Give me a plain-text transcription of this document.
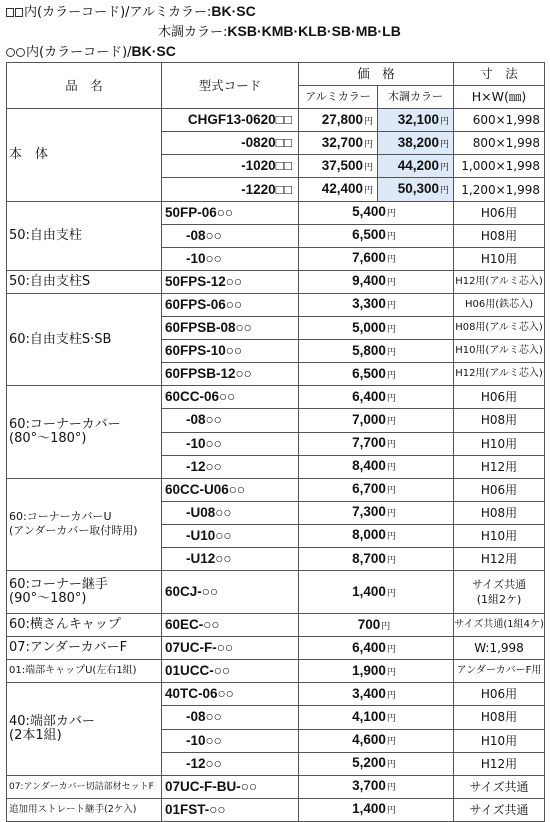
内(カラーコード)/アルミカラー:BK·SC
木調カラー:KSB·KMB·KLB·SB·MB·LB
内(カラーコード)/BK·SC
品　名	型式コード	価　格		寸　法
		アルミカラー	木調カラー	H×W(㎜)
本　体	CHGF13-0620□□	27,800円	32,100円	600×1,998
	-0820□□	32,700円	38,200円	800×1,998
	-1020□□	37,500円	44,200円	1,000×1,998
	-1220□□	42,400円	50,300円	1,200×1,998
50:自由支柱	50FP-06○○	5,400円		H06用
	-08○○	6,500円		H08用
	-10○○	7,600円		H10用
50:自由支柱S	50FPS-12○○	9,400円		H12用(アルミ芯入)
60:自由支柱S·SB	60FPS-06○○	3,300円		H06用(鉄芯入)
	60FPSB-08○○	5,000円		H08用(アルミ芯入)
	60FPS-10○○	5,800円		H10用(アルミ芯入)
	60FPSB-12○○	6,500円		H12用(アルミ芯入)
60:コーナーカバー
(80°〜180°)	60CC-06○○	6,400円		H06用
	-08○○	7,000円		H08用
	-10○○	7,700円		H10用
	-12○○	8,400円		H12用
60:コーナーカバーU
(アンダーカバー取付時用)	60CC-U06○○	6,700円		H06用
	-U08○○	7,300円		H08用
	-U10○○	8,000円		H10用
	-U12○○	8,700円		H12用
60:コーナー継手
(90°〜180°)	60CJ-○○	1,400円		サイズ共通
(1組2ケ)
60:横さんキャップ	60EC-○○	700円		サイズ共通(1組4ケ)
07:アンダーカバーF	07UC-F-○○	6,400円		W:1,998
01:端部キャップU(左右1組)	01UCC-○○	1,900円		アンダーカバーF用
40:端部カバー
(2本1組)	40TC-06○○	3,400円		H06用
	-08○○	4,100円		H08用
	-10○○	4,600円		H10用
	-12○○	5,200円		H12用
07:アンダーカバー切詰部材セットF	07UC-F-BU-○○	3,700円		サイズ共通
追加用ストレート継手(2ケ入)	01FST-○○	1,400円		サイズ共通
